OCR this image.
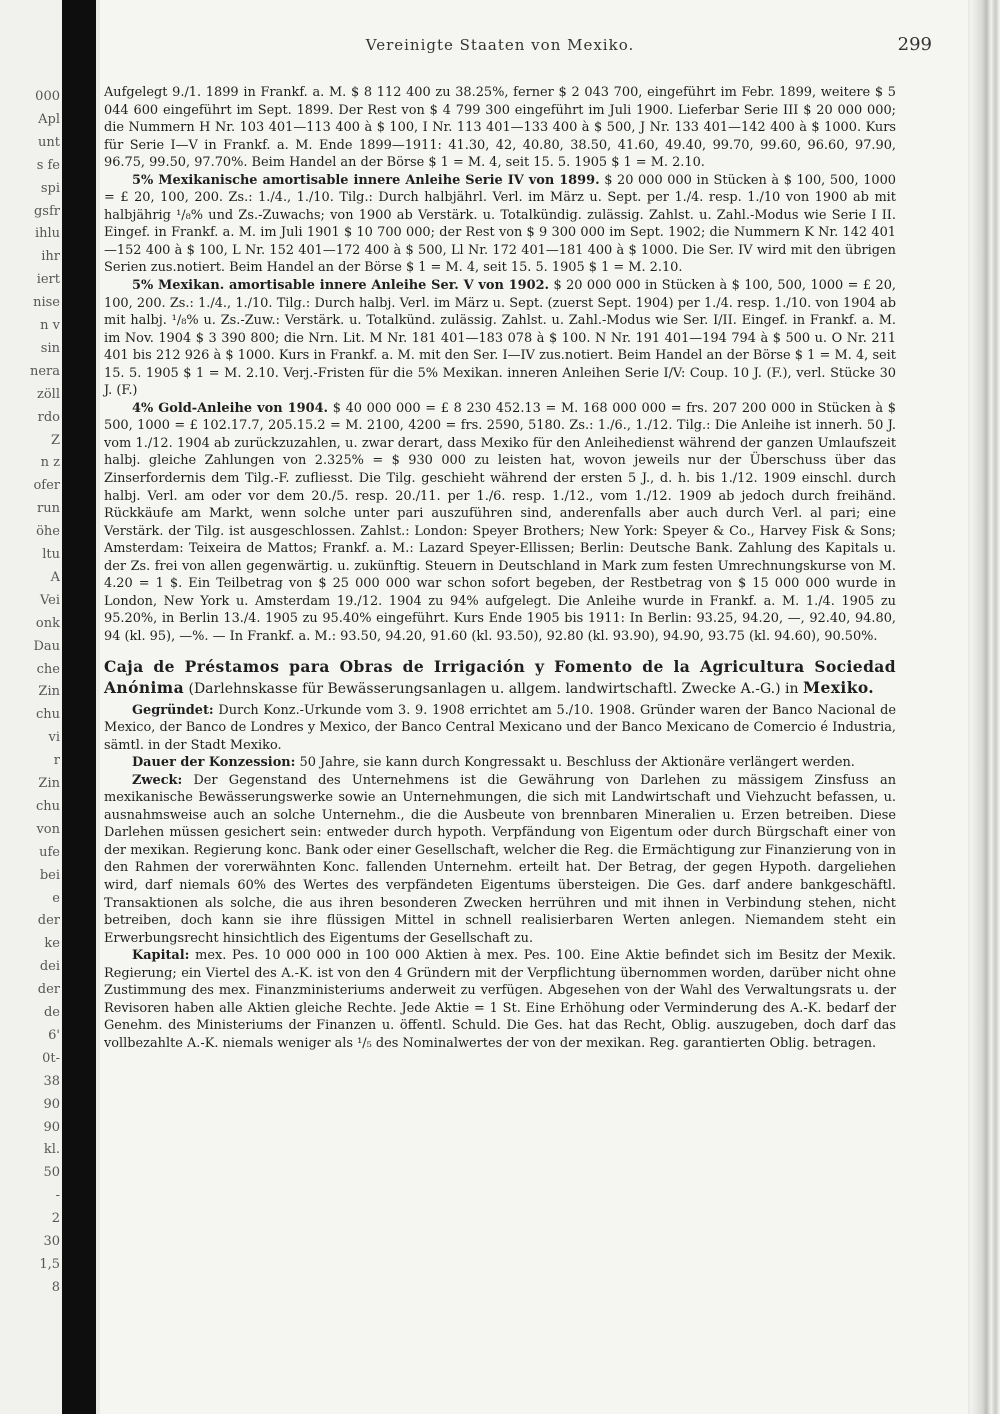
000
Apl
unt
s fe
spi
gsfr
ihlu
ihr
iert
nise
n v
sin
nera
zöll
rdo
Z
n z
ofer
run
öhe
ltu
A
Vei
onk
Dau
che
Zin
chu
vi
r
Zin
chu
von
ufe
bei
e
der
ke
dei
der
de
6'
0t-
38
90
90
kl.
50
-
2
30
1,5
8
Vereinigte Staaten von Mexiko.	299

Aufgelegt 9./1. 1899 in Frankf. a. M. $ 8 112 400 zu 38.25%, ferner $ 2 043 700, eingeführt im Febr. 1899, weitere $ 5 044 600 eingeführt im Sept. 1899. Der Rest von $ 4 799 300 eingeführt im Juli 1900. Lieferbar Serie III $ 20 000 000; die Nummern H Nr. 103 401—113 400 à $ 100, I Nr. 113 401—133 400 à $ 500, J Nr. 133 401—142 400 à $ 1000. Kurs für Serie I—V in Frankf. a. M. Ende 1899—1911: 41.30, 42, 40.80, 38.50, 41.60, 49.40, 99.70, 99.60, 96.60, 97.90, 96.75, 99.50, 97.70%. Beim Handel an der Börse $ 1 = M. 4, seit 15. 5. 1905 $ 1 = M. 2.10.

5% Mexikanische amortisable innere Anleihe Serie IV von 1899. $ 20 000 000 in Stücken à $ 100, 500, 1000 = £ 20, 100, 200. Zs.: 1./4., 1./10. Tilg.: Durch halbjährl. Verl. im März u. Sept. per 1./4. resp. 1./10 von 1900 ab mit halbjährig ¹/₈% und Zs.-Zuwachs; von 1900 ab Verstärk. u. Totalkündig. zulässig. Zahlst. u. Zahl.-Modus wie Serie I II. Eingef. in Frankf. a. M. im Juli 1901 $ 10 700 000; der Rest von $ 9 300 000 im Sept. 1902; die Nummern K Nr. 142 401—152 400 à $ 100, L Nr. 152 401—172 400 à $ 500, Ll Nr. 172 401—181 400 à $ 1000. Die Ser. IV wird mit den übrigen Serien zus.notiert. Beim Handel an der Börse $ 1 = M. 4, seit 15. 5. 1905 $ 1 = M. 2.10.

5% Mexikan. amortisable innere Anleihe Ser. V von 1902. $ 20 000 000 in Stücken à $ 100, 500, 1000 = £ 20, 100, 200. Zs.: 1./4., 1./10. Tilg.: Durch halbj. Verl. im März u. Sept. (zuerst Sept. 1904) per 1./4. resp. 1./10. von 1904 ab mit halbj. ¹/₈% u. Zs.-Zuw.: Verstärk. u. Totalkünd. zulässig. Zahlst. u. Zahl.-Modus wie Ser. I/II. Eingef. in Frankf. a. M. im Nov. 1904 $ 3 390 800; die Nrn. Lit. M Nr. 181 401—183 078 à $ 100. N Nr. 191 401—194 794 à $ 500 u. O Nr. 211 401 bis 212 926 à $ 1000. Kurs in Frankf. a. M. mit den Ser. I—IV zus.notiert. Beim Handel an der Börse $ 1 = M. 4, seit 15. 5. 1905 $ 1 = M. 2.10. Verj.-Fristen für die 5% Mexikan. inneren Anleihen Serie I/V: Coup. 10 J. (F.), verl. Stücke 30 J. (F.)

4% Gold-Anleihe von 1904. $ 40 000 000 = £ 8 230 452.13 = M. 168 000 000 = frs. 207 200 000 in Stücken à $ 500, 1000 = £ 102.17.7, 205.15.2 = M. 2100, 4200 = frs. 2590, 5180. Zs.: 1./6., 1./12. Tilg.: Die Anleihe ist innerh. 50 J. vom 1./12. 1904 ab zurückzuzahlen, u. zwar derart, dass Mexiko für den Anleihedienst während der ganzen Umlaufszeit halbj. gleiche Zahlungen von 2.325% = $ 930 000 zu leisten hat, wovon jeweils nur der Überschuss über das Zinserfordernis dem Tilg.-F. zufliesst. Die Tilg. geschieht während der ersten 5 J., d. h. bis 1./12. 1909 einschl. durch halbj. Verl. am oder vor dem 20./5. resp. 20./11. per 1./6. resp. 1./12., vom 1./12. 1909 ab jedoch durch freihänd. Rückkäufe am Markt, wenn solche unter pari auszuführen sind, anderenfalls aber auch durch Verl. al pari; eine Verstärk. der Tilg. ist ausgeschlossen. Zahlst.: London: Speyer Brothers; New York: Speyer & Co., Harvey Fisk & Sons; Amsterdam: Teixeira de Mattos; Frankf. a. M.: Lazard Speyer-Ellissen; Berlin: Deutsche Bank. Zahlung des Kapitals u. der Zs. frei von allen gegenwärtig. u. zukünftig. Steuern in Deutschland in Mark zum festen Umrechnungskurse von M. 4.20 = 1 $. Ein Teilbetrag von $ 25 000 000 war schon sofort begeben, der Restbetrag von $ 15 000 000 wurde in London, New York u. Amsterdam 19./12. 1904 zu 94% aufgelegt. Die Anleihe wurde in Frankf. a. M. 1./4. 1905 zu 95.20%, in Berlin 13./4. 1905 zu 95.40% eingeführt. Kurs Ende 1905 bis 1911: In Berlin: 93.25, 94.20, —, 92.40, 94.80, 94 (kl. 95), —%. — In Frankf. a. M.: 93.50, 94.20, 91.60 (kl. 93.50), 92.80 (kl. 93.90), 94.90, 93.75 (kl. 94.60), 90.50%.

Caja de Préstamos para Obras de Irrigación y Fomento de la Agricultura Sociedad Anónima (Darlehnskasse für Bewässerungsanlagen u. allgem. landwirtschaftl. Zwecke A.-G.) in Mexiko.

Gegründet: Durch Konz.-Urkunde vom 3. 9. 1908 errichtet am 5./10. 1908. Gründer waren der Banco Nacional de Mexico, der Banco de Londres y Mexico, der Banco Central Mexicano und der Banco Mexicano de Comercio é Industria, sämtl. in der Stadt Mexiko.

Dauer der Konzession: 50 Jahre, sie kann durch Kongressakt u. Beschluss der Aktionäre verlängert werden.

Zweck: Der Gegenstand des Unternehmens ist die Gewährung von Darlehen zu mässigem Zinsfuss an mexikanische Bewässerungswerke sowie an Unternehmungen, die sich mit Landwirtschaft und Viehzucht befassen, u. ausnahmsweise auch an solche Unternehm., die die Ausbeute von brennbaren Mineralien u. Erzen betreiben. Diese Darlehen müssen gesichert sein: entweder durch hypoth. Verpfändung von Eigentum oder durch Bürgschaft einer von der mexikan. Regierung konc. Bank oder einer Gesellschaft, welcher die Reg. die Ermächtigung zur Finanzierung von in den Rahmen der vorerwähnten Konc. fallenden Unternehm. erteilt hat. Der Betrag, der gegen Hypoth. dargeliehen wird, darf niemals 60% des Wertes des verpfändeten Eigentums übersteigen. Die Ges. darf andere bankgeschäftl. Transaktionen als solche, die aus ihren besonderen Zwecken herrühren und mit ihnen in Verbindung stehen, nicht betreiben, doch kann sie ihre flüssigen Mittel in schnell realisierbaren Werten anlegen. Niemandem steht ein Erwerbungsrecht hinsichtlich des Eigentums der Gesellschaft zu.

Kapital: mex. Pes. 10 000 000 in 100 000 Aktien à mex. Pes. 100. Eine Aktie befindet sich im Besitz der Mexik. Regierung; ein Viertel des A.-K. ist von den 4 Gründern mit der Verpflichtung übernommen worden, darüber nicht ohne Zustimmung des mex. Finanzministeriums anderweit zu verfügen. Abgesehen von der Wahl des Verwaltungsrats u. der Revisoren haben alle Aktien gleiche Rechte. Jede Aktie = 1 St. Eine Erhöhung oder Verminderung des A.-K. bedarf der Genehm. des Ministeriums der Finanzen u. öffentl. Schuld. Die Ges. hat das Recht, Oblig. auszugeben, doch darf das vollbezahlte A.-K. niemals weniger als ¹/₅ des Nominalwertes der von der mexikan. Reg. garantierten Oblig. betragen.
